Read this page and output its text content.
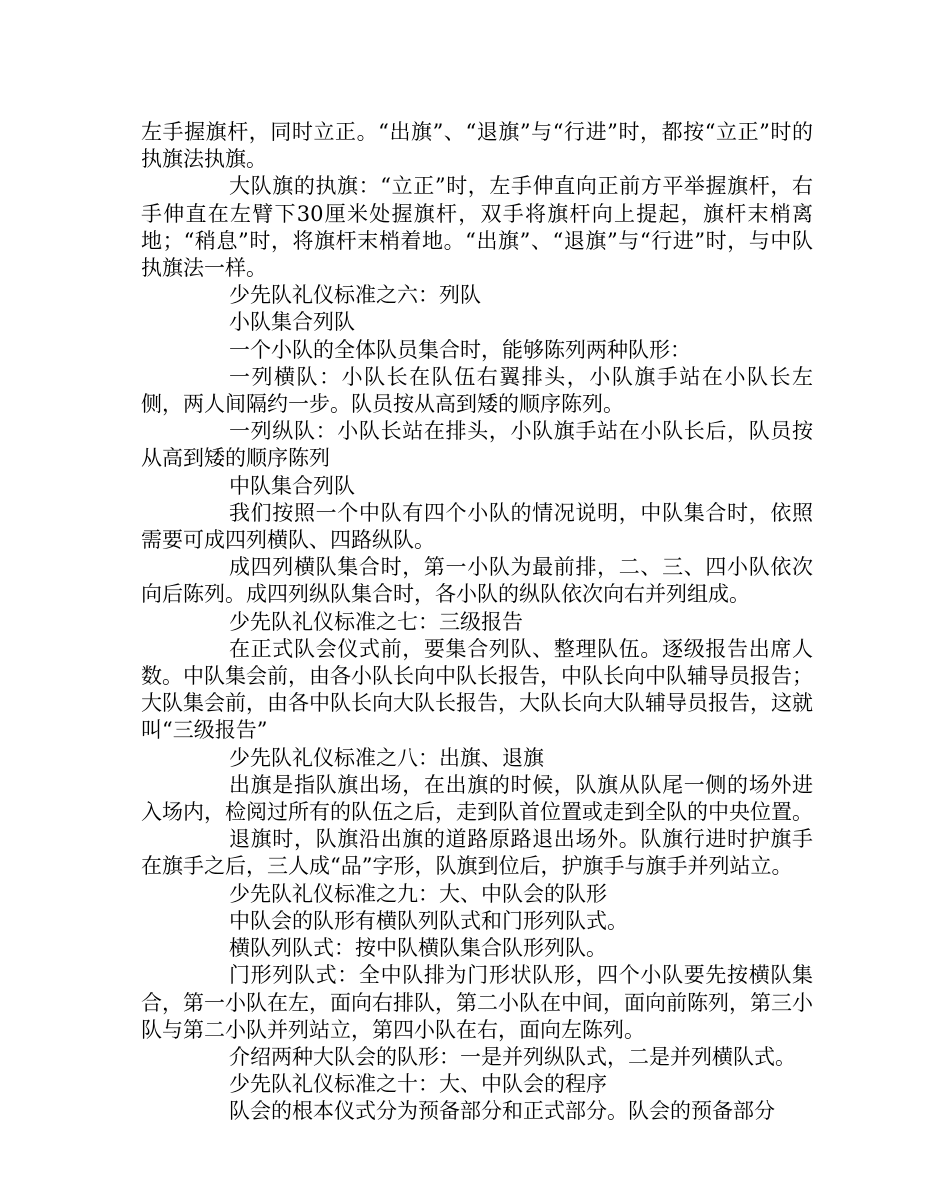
左手握旗杆，同时立正。“出旗”、“退旗”与“行进”时，都按“立正”时的执旗法执旗。

大队旗的执旗：“立正”时，左手伸直向正前方平举握旗杆，右手伸直在左臂下30厘米处握旗杆，双手将旗杆向上提起，旗杆末梢离地；“稍息”时，将旗杆末梢着地。“出旗”、“退旗”与“行进”时，与中队执旗法一样。

少先队礼仪标准之六：列队

小队集合列队

一个小队的全体队员集合时，能够陈列两种队形：

一列横队：小队长在队伍右翼排头，小队旗手站在小队长左侧，两人间隔约一步。队员按从高到矮的顺序陈列。

一列纵队：小队长站在排头，小队旗手站在小队长后，队员按从高到矮的顺序陈列

中队集合列队

我们按照一个中队有四个小队的情况说明，中队集合时，依照需要可成四列横队、四路纵队。

成四列横队集合时，第一小队为最前排，二、三、四小队依次向后陈列。成四列纵队集合时，各小队的纵队依次向右并列组成。

少先队礼仪标准之七：三级报告

在正式队会仪式前，要集合列队、整理队伍。逐级报告出席人数。中队集会前，由各小队长向中队长报告，中队长向中队辅导员报告；大队集会前，由各中队长向大队长报告，大队长向大队辅导员报告，这就叫“三级报告”

少先队礼仪标准之八：出旗、退旗

出旗是指队旗出场，在出旗的时候，队旗从队尾一侧的场外进入场内，检阅过所有的队伍之后，走到队首位置或走到全队的中央位置。

退旗时，队旗沿出旗的道路原路退出场外。队旗行进时护旗手在旗手之后，三人成“品”字形，队旗到位后，护旗手与旗手并列站立。

少先队礼仪标准之九：大、中队会的队形

中队会的队形有横队列队式和门形列队式。

横队列队式：按中队横队集合队形列队。

门形列队式：全中队排为门形状队形，四个小队要先按横队集合，第一小队在左，面向右排队，第二小队在中间，面向前陈列，第三小队与第二小队并列站立，第四小队在右，面向左陈列。

介绍两种大队会的队形：一是并列纵队式，二是并列横队式。

少先队礼仪标准之十：大、中队会的程序

队会的根本仪式分为预备部分和正式部分。队会的预备部分
